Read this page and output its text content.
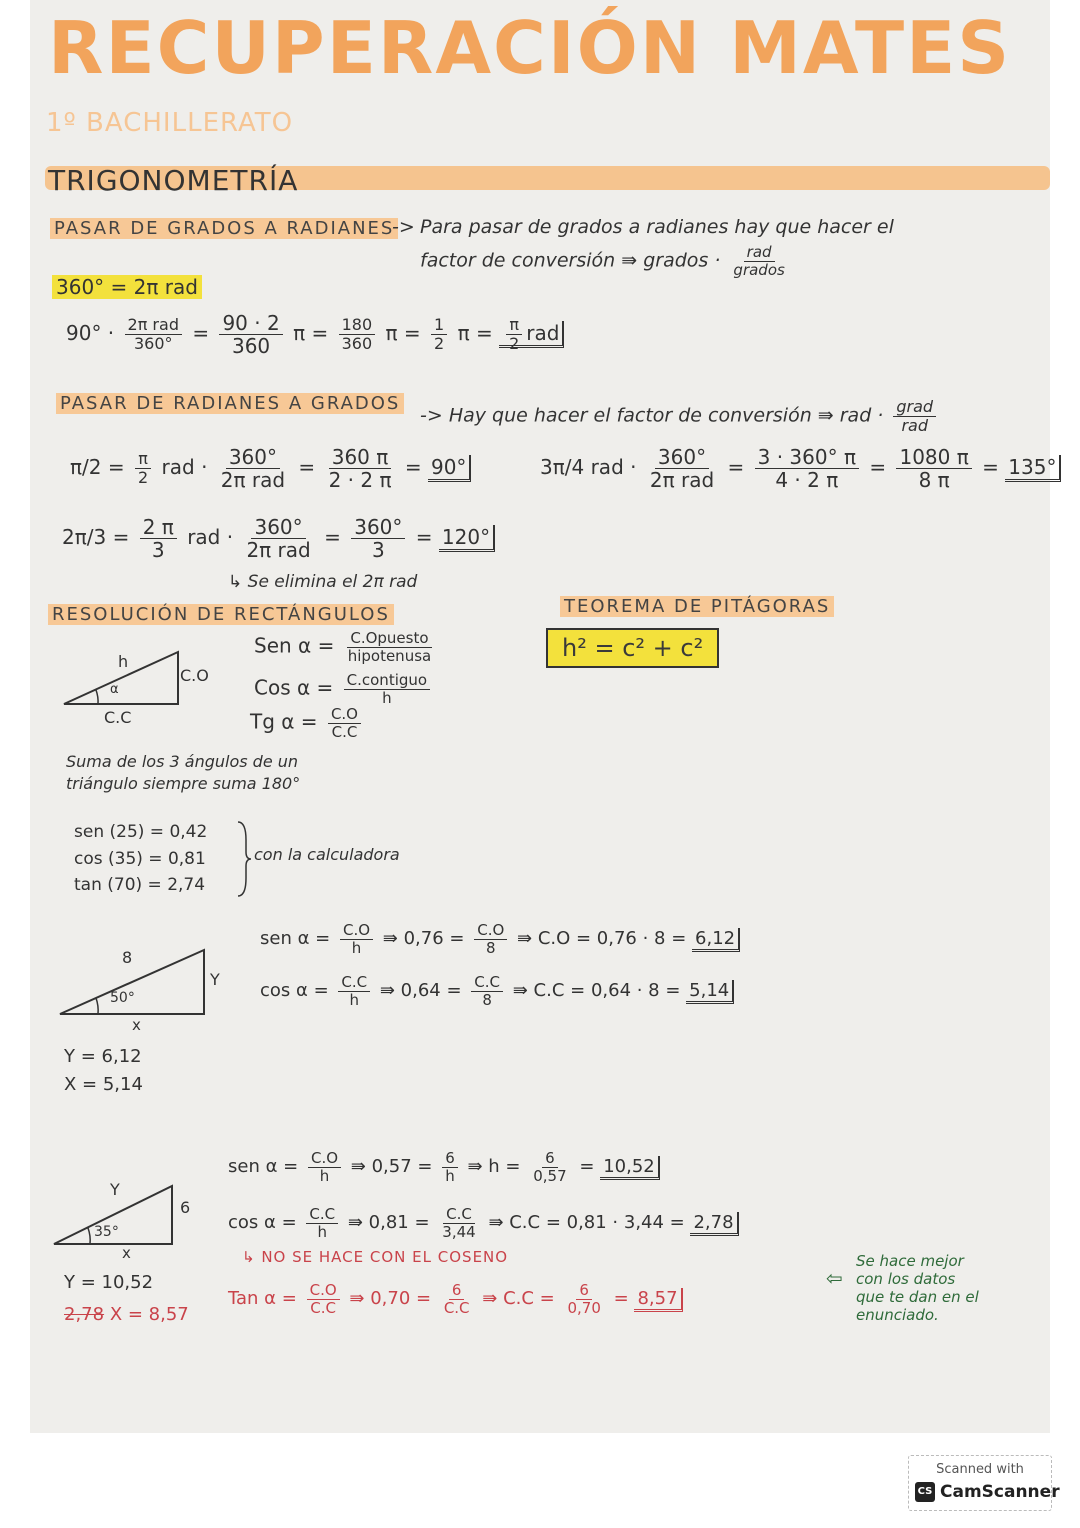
RECUPERACIÓN MATES
1º BACHILLERATO
TRIGONOMETRÍA
PASAR DE GRADOS A RADIANES
-> Para pasar de grados a radianes hay que hacer el
factor de conversión ⇛ grados · $\frac{\text{rad}}{\text{grados}}$
360° = 2π rad
$90^\circ \cdot \frac{\text{2π rad}}{360^\circ} = \frac{90 \cdot 2}{360}$ $\pi = \frac{180}{360}$ $\pi = \frac{1}{2}$ $\pi = \frac{\pi}{2}$ rad
PASAR DE RADIANES A GRADOS
-> Hay que hacer el factor de conversión ⇛ rad · $\frac{\text{grad}}{\text{rad}}$
$\pi/2 = \frac{\pi}{2}$ rad · $\frac{360^\circ}{\text{2π rad}} = \frac{360 \pi}{2 \cdot 2 \pi} = 90^\circ$	3π/4 rad · $\frac{360^\circ}{\text{2π rad}} = \frac{3 \cdot 360^\circ \pi}{4 \cdot 2 \pi} = \frac{1080 \pi}{8 \pi} = 135^\circ$
$2\pi/3 = \frac{2 \pi}{3}$ rad · $\frac{360^\circ}{\text{2π rad}} = \frac{360^\circ}{3} = 120^\circ$
↳ Se elimina el 2π rad
RESOLUCIÓN DE RECTÁNGULOS
h
C.O
C.C
α
Sen $\alpha = \frac{\text{C.Opuesto}}{\text{hipotenusa}}$
Cos $\alpha = \frac{\text{C.contiguo}}{h}$
Tg $\alpha = \frac{C.O}{C.C}$
Suma de los 3 ángulos de un
triángulo siempre suma 180°
sen (25) = 0,42
cos (35) = 0,81
tan (70) = 2,74
con la calculadora
TEOREMA DE PITÁGORAS
h² = c² + c²
8
Y
x
50°
sen $\alpha = \frac{C.O}{h}$ ⇛ $0,76 = \frac{C.O}{8}$ ⇛ C.O = 0,76 · 8 = 6,12
$\cos \alpha = \frac{C.C}{h}$ ⇛ $0,64 = \frac{C.C}{8}$ ⇛ C.C = 0,64 · 8 = 5,14
Y = 6,12
X = 5,14
Y
6
x
35°
sen $\alpha = \frac{C.O}{h}$ ⇛ $0,57 = \frac{6}{h}$ ⇛ $h = \frac{6}{0,57} = 10,52$
$\cos \alpha = \frac{C.C}{h}$ ⇛ $0,81 = \frac{C.C}{3,44}$ ⇛ C.C = 0,81 · 3,44 = 2,78
↳ NO SE HACE CON EL COSENO
Tan $\alpha = \frac{C.O}{C.C}$ ⇛ $0,70 = \frac{6}{C.C}$ ⇛ $C.C = \frac{6}{0,70} = 8,57$
⇦
Se hace mejor
con los datos
que te dan en el
enunciado.
Y = 10,52
2,78 X = 8,57
Scanned with
CS CamScanner
